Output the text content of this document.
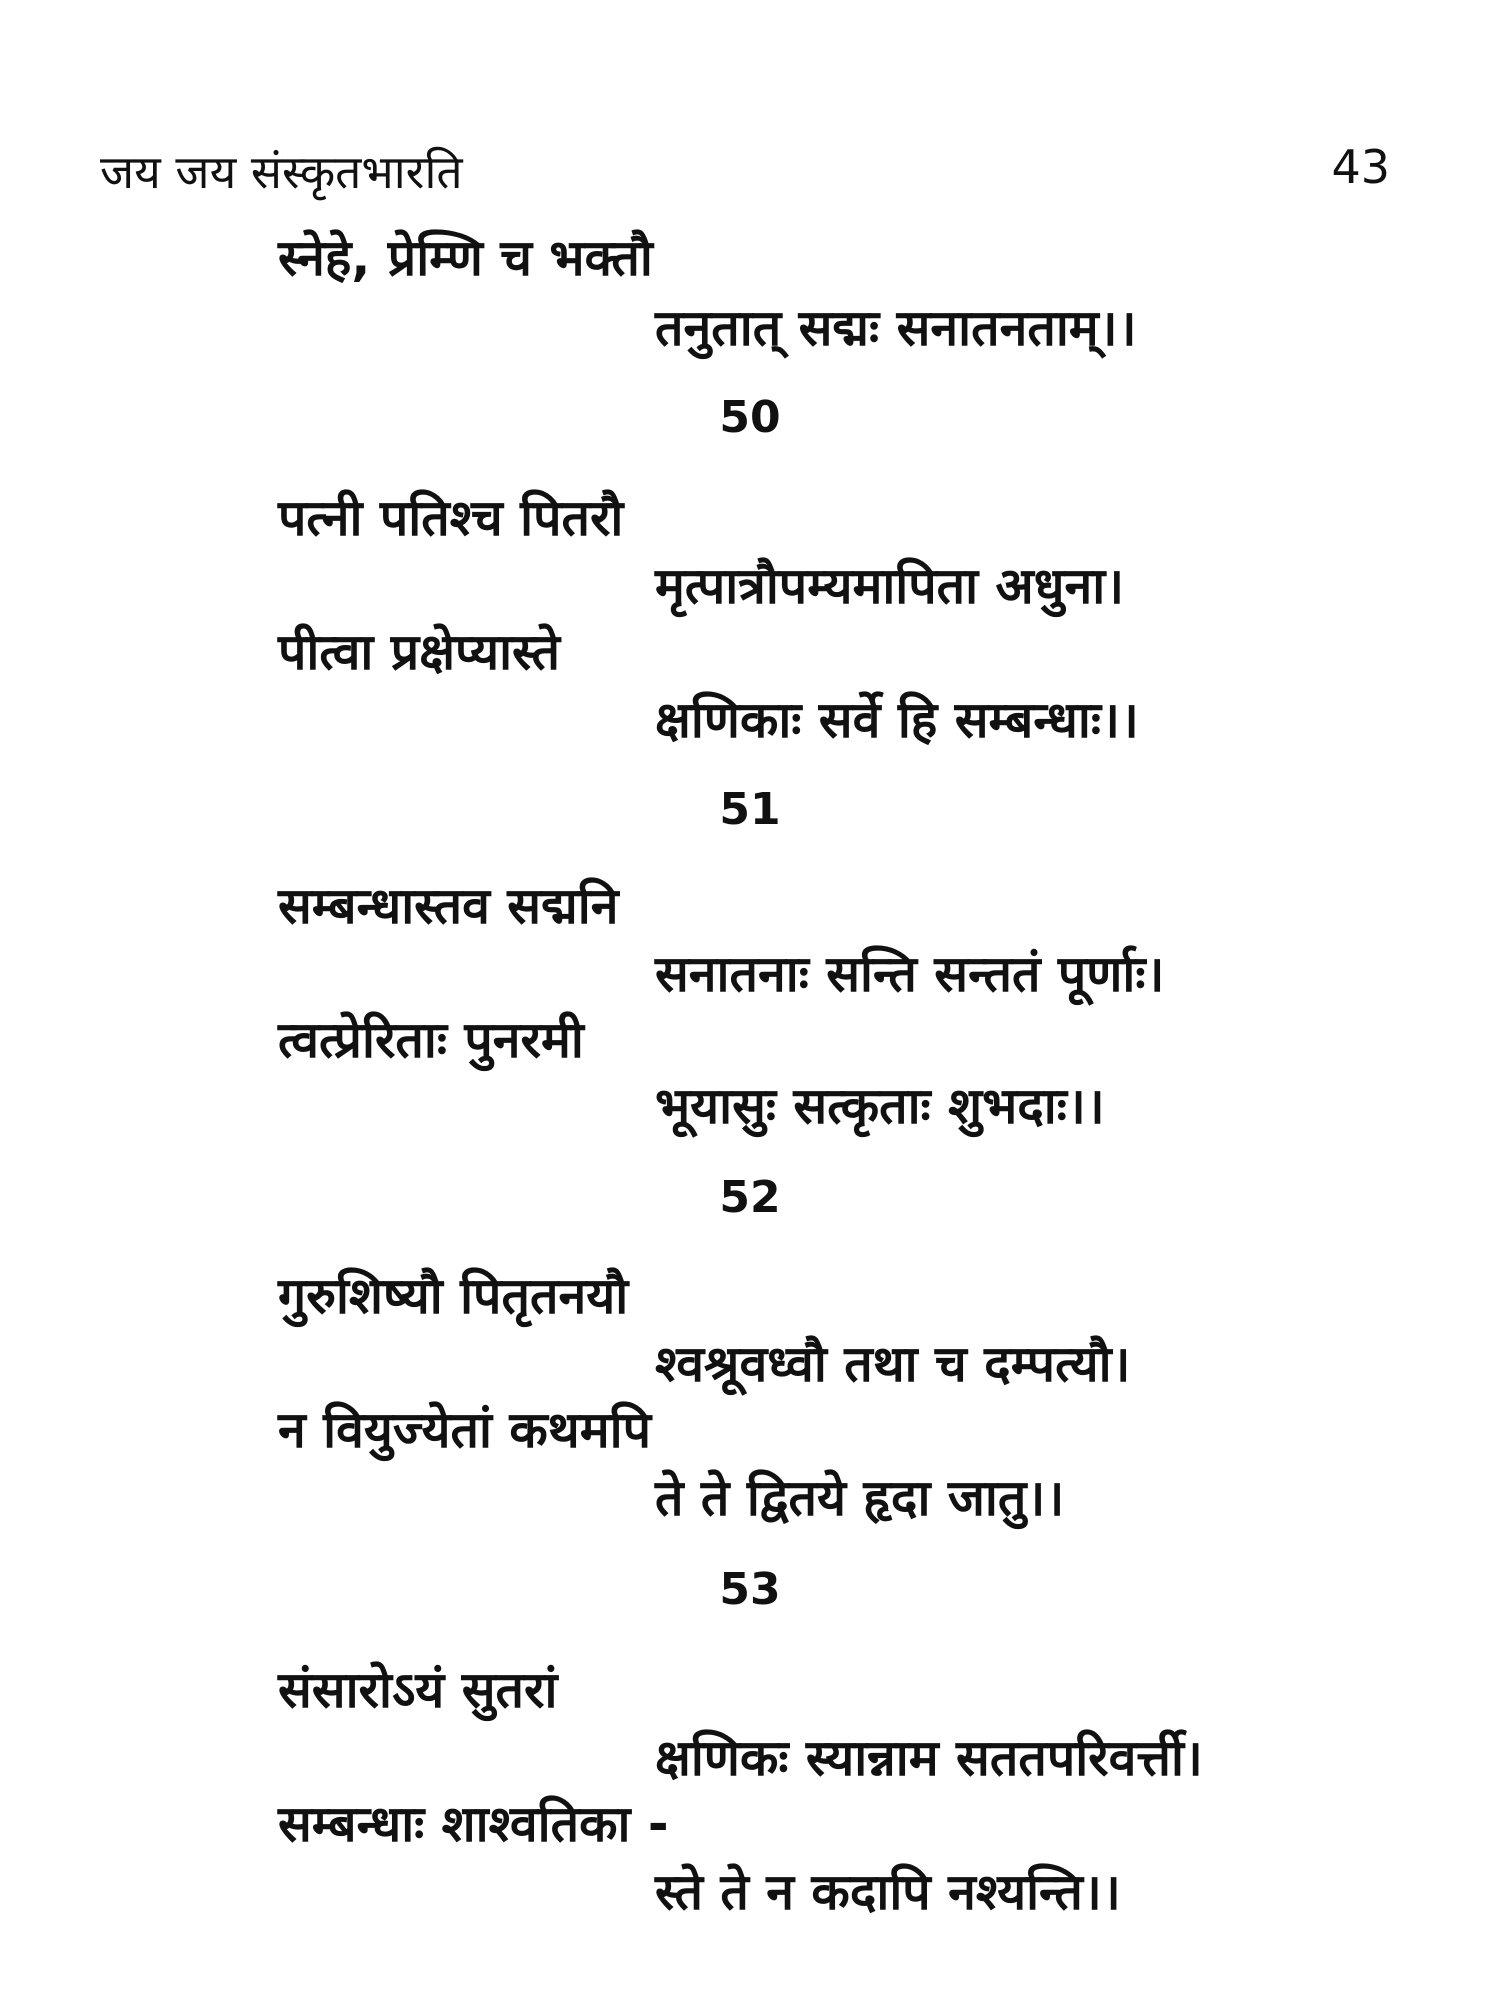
जय जय संस्कृतभारति	43
स्नेहे, प्रेम्णि च भक्तौ
तनुतात् सद्मः सनातनताम्।।
50
पत्नी पतिश्च पितरौ
मृत्पात्रौपम्यमापिता अधुना।
पीत्वा प्रक्षेप्यास्ते
क्षणिकाः सर्वे हि सम्बन्धाः।।
51
सम्बन्धास्तव सद्मनि
सनातनाः सन्ति सन्ततं पूर्णाः।
त्वत्प्रेरिताः पुनरमी
भूयासुः सत्कृताः शुभदाः।।
52
गुरुशिष्यौ पितृतनयौ
श्वश्रूवध्वौ तथा च दम्पत्यौ।
न वियुज्येतां कथमपि
ते ते द्वितये हृदा जातु।।
53
संसारोऽयं सुतरां
क्षणिकः स्यान्नाम सततपरिवर्त्ती।
सम्बन्धाः शाश्वतिका -
स्ते ते न कदापि नश्यन्ति।।
